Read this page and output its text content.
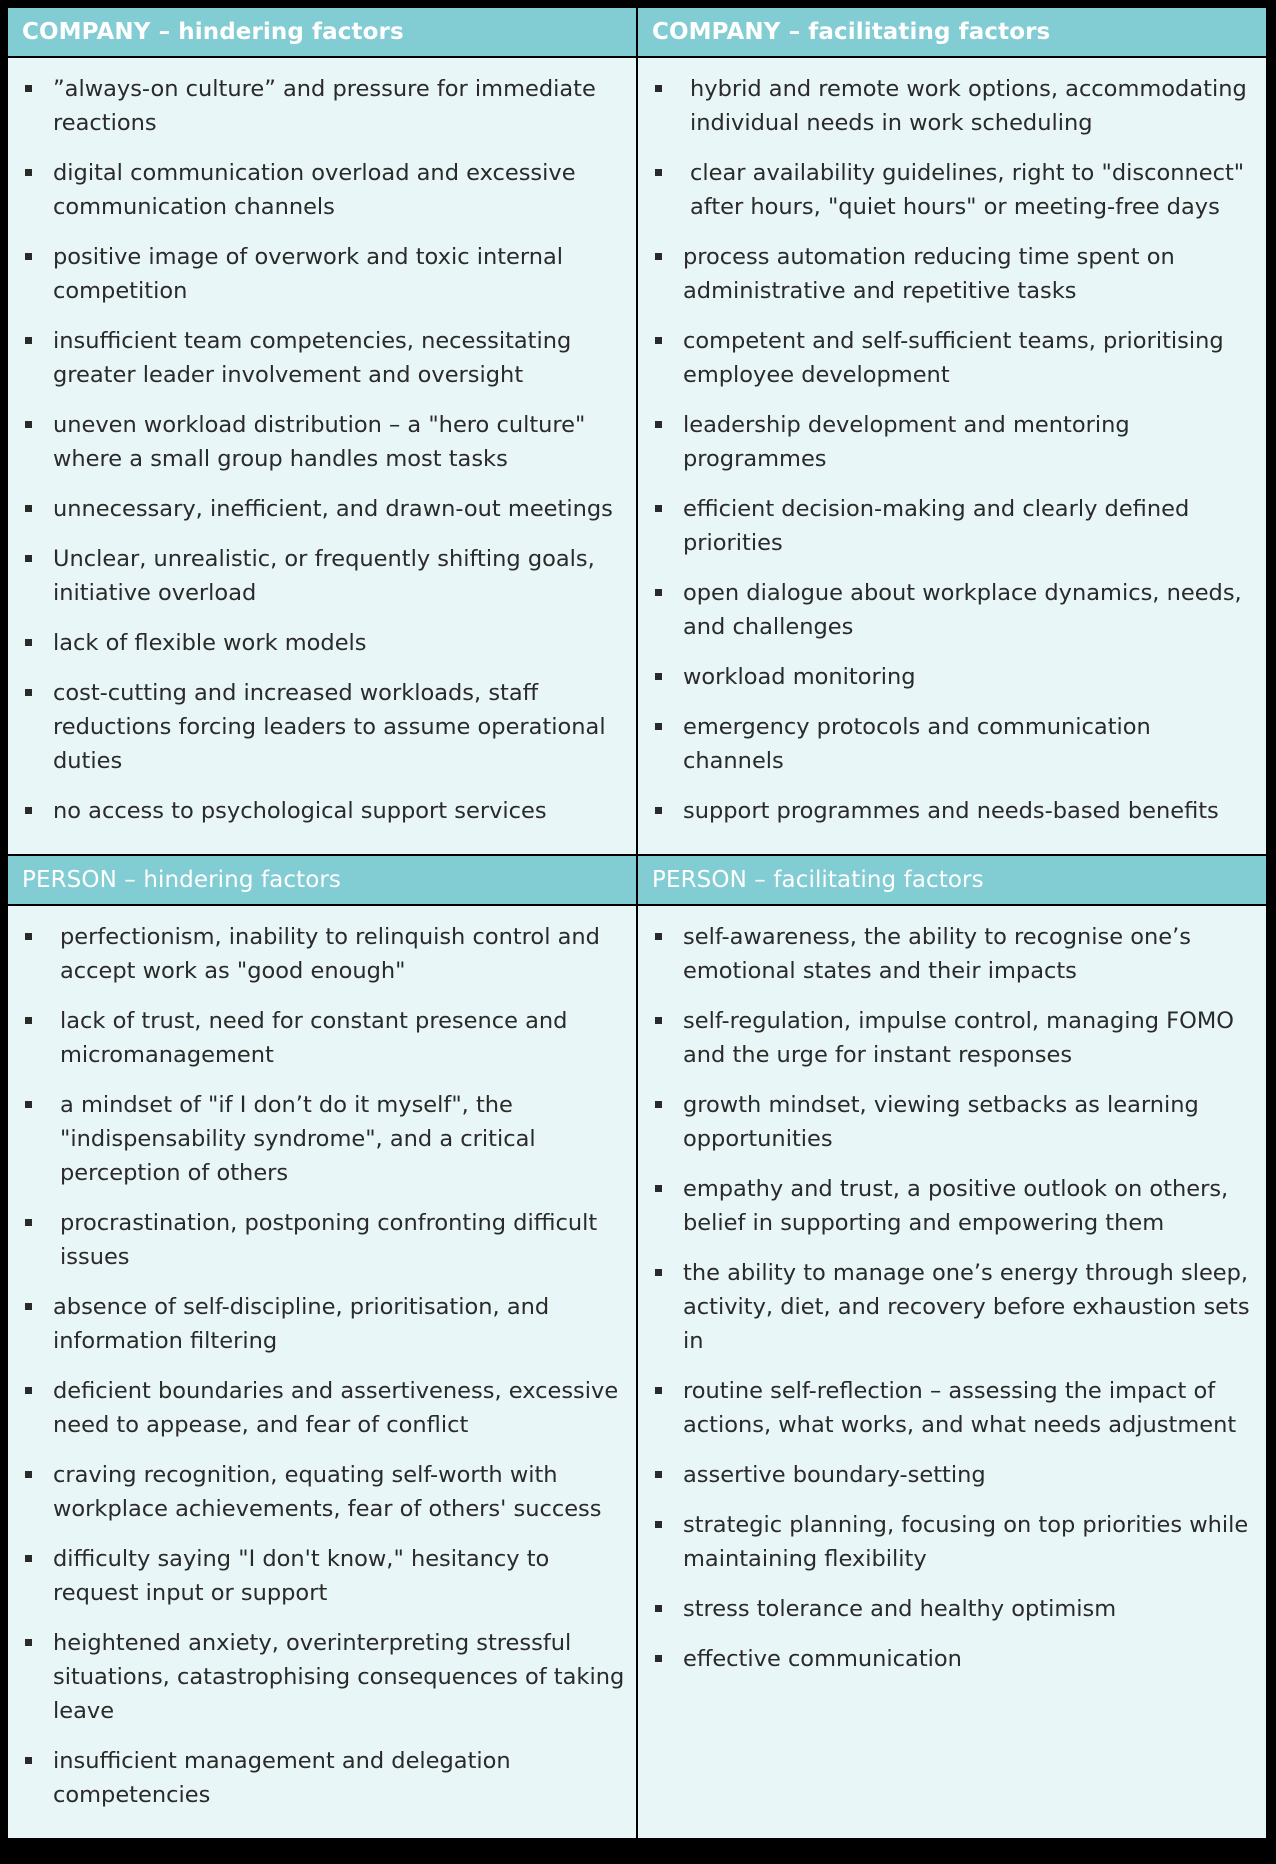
COMPANY – hindering factors	COMPANY – facilitating factors
”always-on culture” and pressure for immediate reactions
digital communication overload and excessive communication channels
positive image of overwork and toxic internal competition
insufficient team competencies, necessitating greater leader involvement and oversight
uneven workload distribution – a "hero culture" where a small group handles most tasks
unnecessary, inefficient, and drawn-out meetings
Unclear, unrealistic, or frequently shifting goals, initiative overload
lack of flexible work models
cost-cutting and increased workloads, staff reductions forcing leaders to assume operational duties
no access to psychological support services
hybrid and remote work options, accommodating individual needs in work scheduling
clear availability guidelines, right to "disconnect" after hours, "quiet hours" or meeting-free days
process automation reducing time spent on administrative and repetitive tasks
competent and self-sufficient teams, prioritising employee development
leadership development and mentoring programmes
efficient decision-making and clearly defined priorities
open dialogue about workplace dynamics, needs, and challenges
workload monitoring
emergency protocols and communication channels
support programmes and needs-based benefits
PERSON – hindering factors	PERSON – facilitating factors
perfectionism, inability to relinquish control and accept work as "good enough"
lack of trust, need for constant presence and micromanagement
a mindset of "if I don’t do it myself", the "indispensability syndrome", and a critical perception of others
procrastination, postponing confronting difficult issues
absence of self-discipline, prioritisation, and information filtering
deficient boundaries and assertiveness, excessive need to appease, and fear of conflict
craving recognition, equating self-worth with workplace achievements, fear of others' success
difficulty saying "I don't know," hesitancy to request input or support
heightened anxiety, overinterpreting stressful situations, catastrophising consequences of taking leave
insufficient management and delegation competencies
self-awareness, the ability to recognise one’s emotional states and their impacts
self-regulation, impulse control, managing FOMO and the urge for instant responses
growth mindset, viewing setbacks as learning opportunities
empathy and trust, a positive outlook on others, belief in supporting and empowering them
the ability to manage one’s energy through sleep, activity, diet, and recovery before exhaustion sets in
routine self-reflection – assessing the impact of actions, what works, and what needs adjustment
assertive boundary-setting
strategic planning, focusing on top priorities while maintaining flexibility
stress tolerance and healthy optimism
effective communication
